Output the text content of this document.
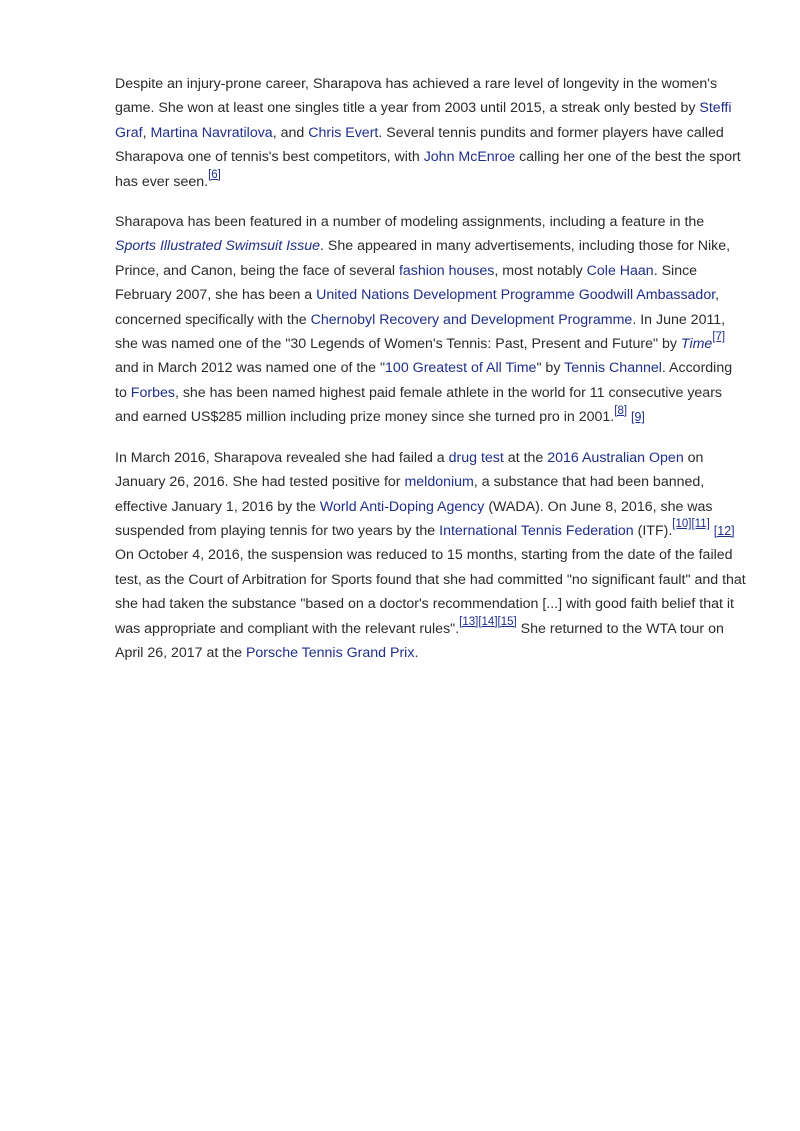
Despite an injury-prone career, Sharapova has achieved a rare level of longevity in the women's game. She won at least one singles title a year from 2003 until 2015, a streak only bested by Steffi Graf, Martina Navratilova, and Chris Evert. Several tennis pundits and former players have called Sharapova one of tennis's best competitors, with John McEnroe calling her one of the best the sport has ever seen.[6]

Sharapova has been featured in a number of modeling assignments, including a feature in the Sports Illustrated Swimsuit Issue. She appeared in many advertisements, including those for Nike, Prince, and Canon, being the face of several fashion houses, most notably Cole Haan. Since February 2007, she has been a United Nations Development Programme Goodwill Ambassador, concerned specifically with the Chernobyl Recovery and Development Programme. In June 2011, she was named one of the "30 Legends of Women's Tennis: Past, Present and Future" by Time[7] and in March 2012 was named one of the "100 Greatest of All Time" by Tennis Channel. According to Forbes, she has been named highest paid female athlete in the world for 11 consecutive years and earned US$285 million including prize money since she turned pro in 2001.[8] [9]

In March 2016, Sharapova revealed she had failed a drug test at the 2016 Australian Open on January 26, 2016. She had tested positive for meldonium, a substance that had been banned, effective January 1, 2016 by the World Anti-Doping Agency (WADA). On June 8, 2016, she was suspended from playing tennis for two years by the International Tennis Federation (ITF).[10][11] [12] On October 4, 2016, the suspension was reduced to 15 months, starting from the date of the failed test, as the Court of Arbitration for Sports found that she had committed "no significant fault" and that she had taken the substance "based on a doctor's recommendation [...] with good faith belief that it was appropriate and compliant with the relevant rules".[13][14][15] She returned to the WTA tour on April 26, 2017 at the Porsche Tennis Grand Prix.
